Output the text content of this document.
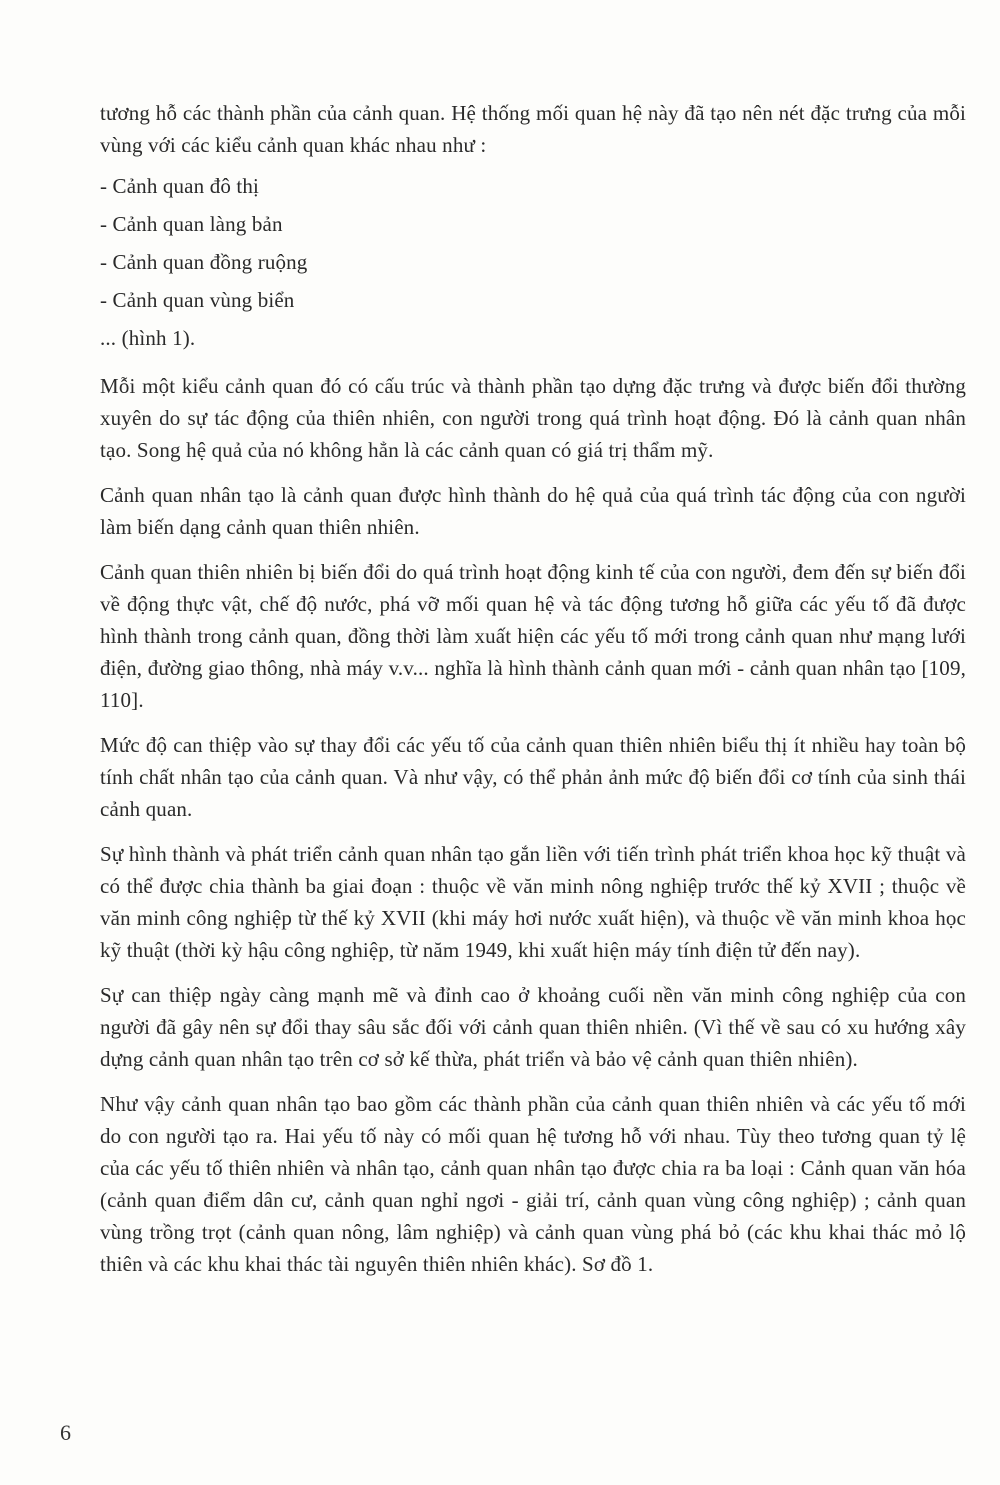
tương hỗ các thành phần của cảnh quan. Hệ thống mối quan hệ này đã tạo nên nét đặc trưng của mỗi vùng với các kiểu cảnh quan khác nhau như :

- Cảnh quan đô thị
- Cảnh quan làng bản
- Cảnh quan đồng ruộng
- Cảnh quan vùng biển
... (hình 1).

Mỗi một kiểu cảnh quan đó có cấu trúc và thành phần tạo dựng đặc trưng và được biến đổi thường xuyên do sự tác động của thiên nhiên, con người trong quá trình hoạt động. Đó là cảnh quan nhân tạo. Song hệ quả của nó không hẳn là các cảnh quan có giá trị thẩm mỹ.

Cảnh quan nhân tạo là cảnh quan được hình thành do hệ quả của quá trình tác động của con người làm biến dạng cảnh quan thiên nhiên.

Cảnh quan thiên nhiên bị biến đổi do quá trình hoạt động kinh tế của con người, đem đến sự biến đổi về động thực vật, chế độ nước, phá vỡ mối quan hệ và tác động tương hỗ giữa các yếu tố đã được hình thành trong cảnh quan, đồng thời làm xuất hiện các yếu tố mới trong cảnh quan như mạng lưới điện, đường giao thông, nhà máy v.v... nghĩa là hình thành cảnh quan mới - cảnh quan nhân tạo [109, 110].

Mức độ can thiệp vào sự thay đổi các yếu tố của cảnh quan thiên nhiên biểu thị ít nhiều hay toàn bộ tính chất nhân tạo của cảnh quan. Và như vậy, có thể phản ảnh mức độ biến đổi cơ tính của sinh thái cảnh quan.

Sự hình thành và phát triển cảnh quan nhân tạo gắn liền với tiến trình phát triển khoa học kỹ thuật và có thể được chia thành ba giai đoạn : thuộc về văn minh nông nghiệp trước thế kỷ XVII ; thuộc về văn minh công nghiệp từ thế kỷ XVII (khi máy hơi nước xuất hiện), và thuộc về văn minh khoa học kỹ thuật (thời kỳ hậu công nghiệp, từ năm 1949, khi xuất hiện máy tính điện tử đến nay).

Sự can thiệp ngày càng mạnh mẽ và đỉnh cao ở khoảng cuối nền văn minh công nghiệp của con người đã gây nên sự đổi thay sâu sắc đối với cảnh quan thiên nhiên. (Vì thế về sau có xu hướng xây dựng cảnh quan nhân tạo trên cơ sở kế thừa, phát triển và bảo vệ cảnh quan thiên nhiên).

Như vậy cảnh quan nhân tạo bao gồm các thành phần của cảnh quan thiên nhiên và các yếu tố mới do con người tạo ra. Hai yếu tố này có mối quan hệ tương hỗ với nhau. Tùy theo tương quan tỷ lệ của các yếu tố thiên nhiên và nhân tạo, cảnh quan nhân tạo được chia ra ba loại : Cảnh quan văn hóa (cảnh quan điểm dân cư, cảnh quan nghỉ ngơi - giải trí, cảnh quan vùng công nghiệp) ; cảnh quan vùng trồng trọt (cảnh quan nông, lâm nghiệp) và cảnh quan vùng phá bỏ (các khu khai thác mỏ lộ thiên và các khu khai thác tài nguyên thiên nhiên khác). Sơ đồ 1.

6
